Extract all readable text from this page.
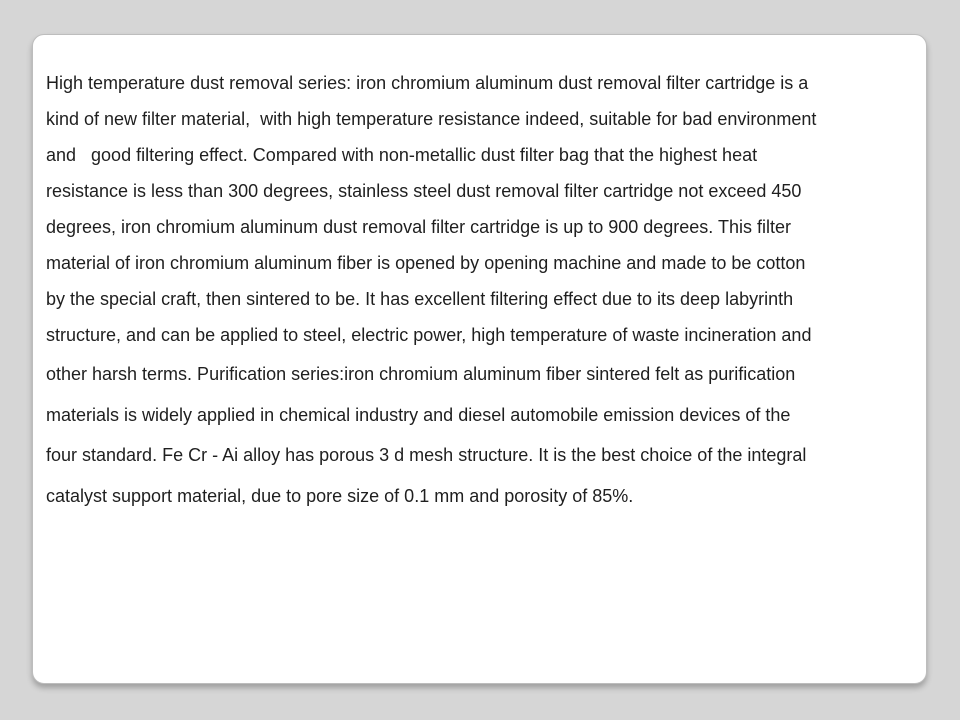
High temperature dust removal series: iron chromium aluminum dust removal filter cartridge is a

kind of new filter material,  with high temperature resistance indeed, suitable for bad environment

and   good filtering effect. Compared with non-metallic dust filter bag that the highest heat

resistance is less than 300 degrees, stainless steel dust removal filter cartridge not exceed 450

degrees, iron chromium aluminum dust removal filter cartridge is up to 900 degrees. This filter

material of iron chromium aluminum fiber is opened by opening machine and made to be cotton

by the special craft, then sintered to be. It has excellent filtering effect due to its deep labyrinth

structure, and can be applied to steel, electric power, high temperature of waste incineration and

other harsh terms. Purification series:iron chromium aluminum fiber sintered felt as purification

materials is widely applied in chemical industry and diesel automobile emission devices of the

four standard. Fe Cr - Ai alloy has porous 3 d mesh structure. It is the best choice of the integral

catalyst support material, due to pore size of 0.1 mm and porosity of 85%.
